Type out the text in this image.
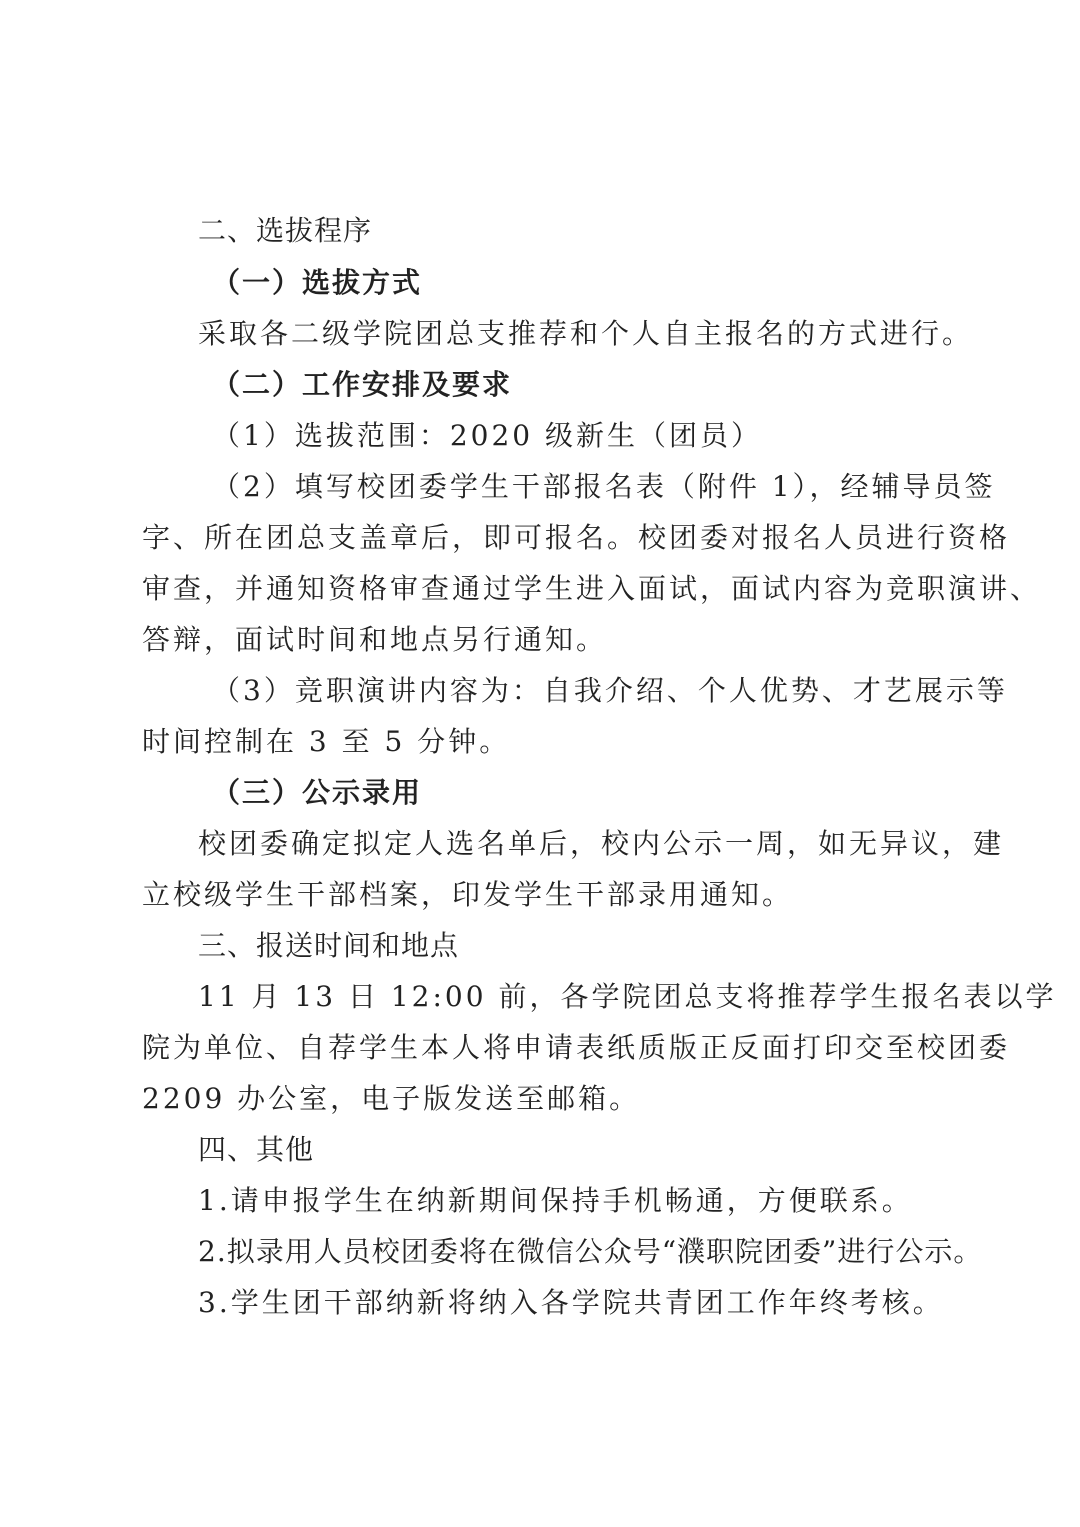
二、选拔程序
（一）选拔方式
采取各二级学院团总支推荐和个人自主报名的方式进行。
（二）工作安排及要求
（1）选拔范围：2020 级新生（团员）
（2）填写校团委学生干部报名表（附件 1），经辅导员签
字、所在团总支盖章后，即可报名。校团委对报名人员进行资格
审查，并通知资格审查通过学生进入面试，面试内容为竞职演讲、
答辩，面试时间和地点另行通知。
（3）竞职演讲内容为：自我介绍、个人优势、才艺展示等
时间控制在 3 至 5 分钟。
（三）公示录用
校团委确定拟定人选名单后，校内公示一周，如无异议，建
立校级学生干部档案，印发学生干部录用通知。
三、报送时间和地点
11 月 13 日 12:00 前，各学院团总支将推荐学生报名表以学
院为单位、自荐学生本人将申请表纸质版正反面打印交至校团委
2209 办公室，电子版发送至邮箱。
四、其他
1.请申报学生在纳新期间保持手机畅通，方便联系。
2.拟录用人员校团委将在微信公众号“濮职院团委”进行公示。
3.学生团干部纳新将纳入各学院共青团工作年终考核。
